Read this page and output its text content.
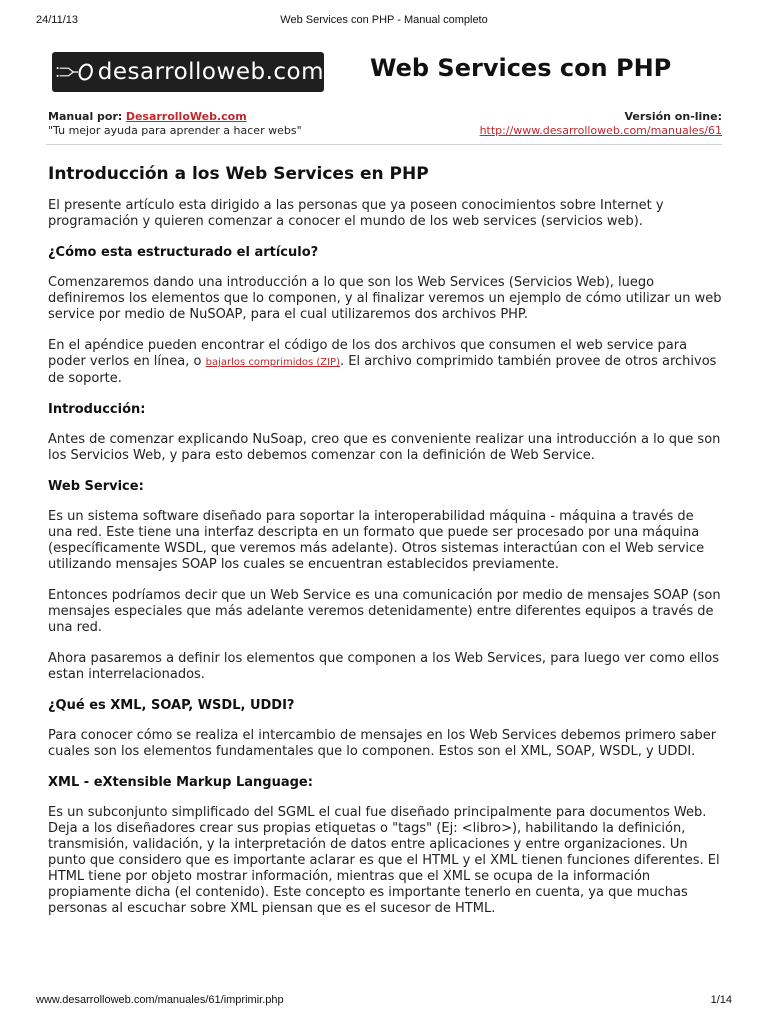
24/11/13	Web Services con PHP - Manual completo
desarrolloweb.com Web Services con PHP
Manual por: DesarrolloWeb.com
"Tu mejor ayuda para aprender a hacer webs"
Versión on-line:
http://www.desarrolloweb.com/manuales/61
Introducción a los Web Services en PHP

El presente artículo esta dirigido a las personas que ya poseen conocimientos sobre Internet y programación y quieren comenzar a conocer el mundo de los web services (servicios web).

¿Cómo esta estructurado el artículo?

Comenzaremos dando una introducción a lo que son los Web Services (Servicios Web), luego definiremos los elementos que lo componen, y al finalizar veremos un ejemplo de cómo utilizar un web service por medio de NuSOAP, para el cual utilizaremos dos archivos PHP.

En el apéndice pueden encontrar el código de los dos archivos que consumen el web service para poder verlos en línea, o bajarlos comprimidos (ZIP). El archivo comprimido también provee de otros archivos de soporte.

Introducción:

Antes de comenzar explicando NuSoap, creo que es conveniente realizar una introducción a lo que son los Servicios Web, y para esto debemos comenzar con la definición de Web Service.

Web Service:

Es un sistema software diseñado para soportar la interoperabilidad máquina - máquina a través de una red. Este tiene una interfaz descripta en un formato que puede ser procesado por una máquina (específicamente WSDL, que veremos más adelante). Otros sistemas interactúan con el Web service utilizando mensajes SOAP los cuales se encuentran establecidos previamente.

Entonces podríamos decir que un Web Service es una comunicación por medio de mensajes SOAP (son mensajes especiales que más adelante veremos detenidamente) entre diferentes equipos a través de una red.

Ahora pasaremos a definir los elementos que componen a los Web Services, para luego ver como ellos estan interrelacionados.

¿Qué es XML, SOAP, WSDL, UDDI?

Para conocer cómo se realiza el intercambio de mensajes en los Web Services debemos primero saber cuales son los elementos fundamentales que lo componen. Estos son el XML, SOAP, WSDL, y UDDI.

XML - eXtensible Markup Language:

Es un subconjunto simplificado del SGML el cual fue diseñado principalmente para documentos Web. Deja a los diseñadores crear sus propias etiquetas o "tags" (Ej: <libro>), habilitando la definición, transmisión, validación, y la interpretación de datos entre aplicaciones y entre organizaciones. Un punto que considero que es importante aclarar es que el HTML y el XML tienen funciones diferentes. El HTML tiene por objeto mostrar información, mientras que el XML se ocupa de la información propiamente dicha (el contenido). Este concepto es importante tenerlo en cuenta, ya que muchas personas al escuchar sobre XML piensan que es el sucesor de HTML.

www.desarrolloweb.com/manuales/61/imprimir.php	1/14
